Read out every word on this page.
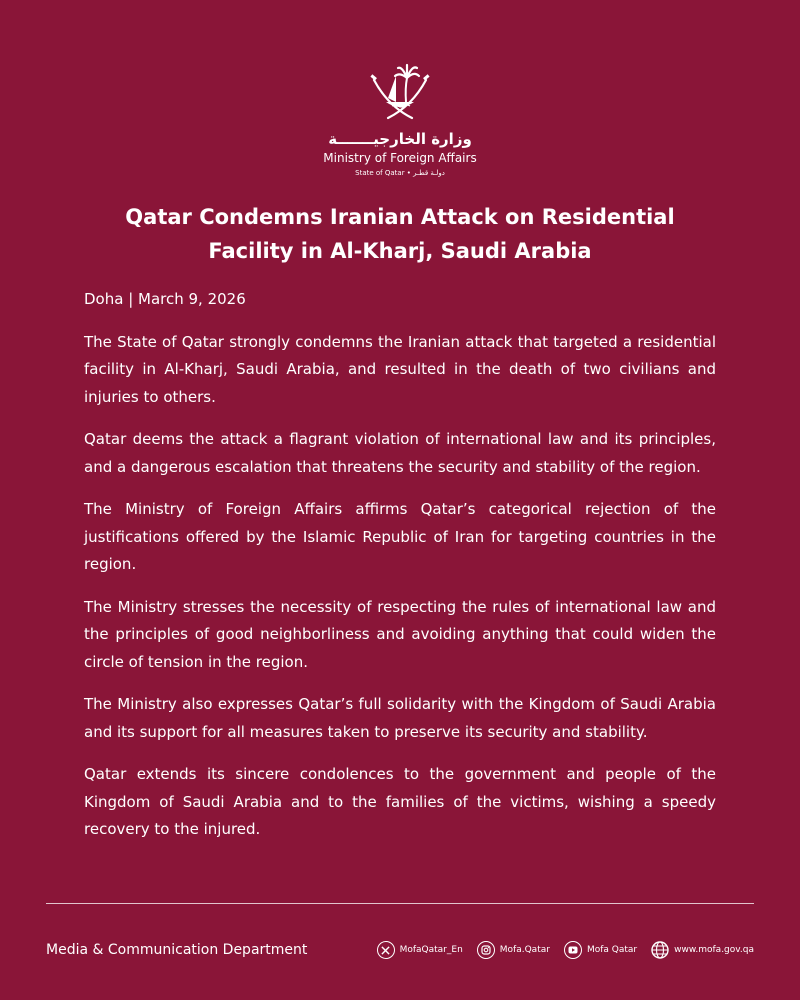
وزارة الخارجيـــــــة
Ministry of Foreign Affairs
State of Qatar • دولـة قطـر
Qatar Condemns Iranian Attack on Residential
Facility in Al-Kharj, Saudi Arabia

Doha | March 9, 2026

The State of Qatar strongly condemns the Iranian attack that targeted a residential facility in Al-Kharj, Saudi Arabia, and resulted in the death of two civilians and injuries to others.

Qatar deems the attack a flagrant violation of international law and its principles, and a dangerous escalation that threatens the security and stability of the region.

The Ministry of Foreign Affairs affirms Qatar’s categorical rejection of the justifications offered by the Islamic Republic of Iran for targeting countries in the region.

The Ministry stresses the necessity of respecting the rules of international law and the principles of good neighborliness and avoiding anything that could widen the circle of tension in the region.

The Ministry also expresses Qatar’s full solidarity with the Kingdom of Saudi Arabia and its support for all measures taken to preserve its security and stability.

Qatar extends its sincere condolences to the government and people of the Kingdom of Saudi Arabia and to the families of the victims, wishing a speedy recovery to the injured.

Media & Communication Department	MofaQatar_En	Mofa.Qatar	Mofa Qatar	www.mofa.gov.qa
